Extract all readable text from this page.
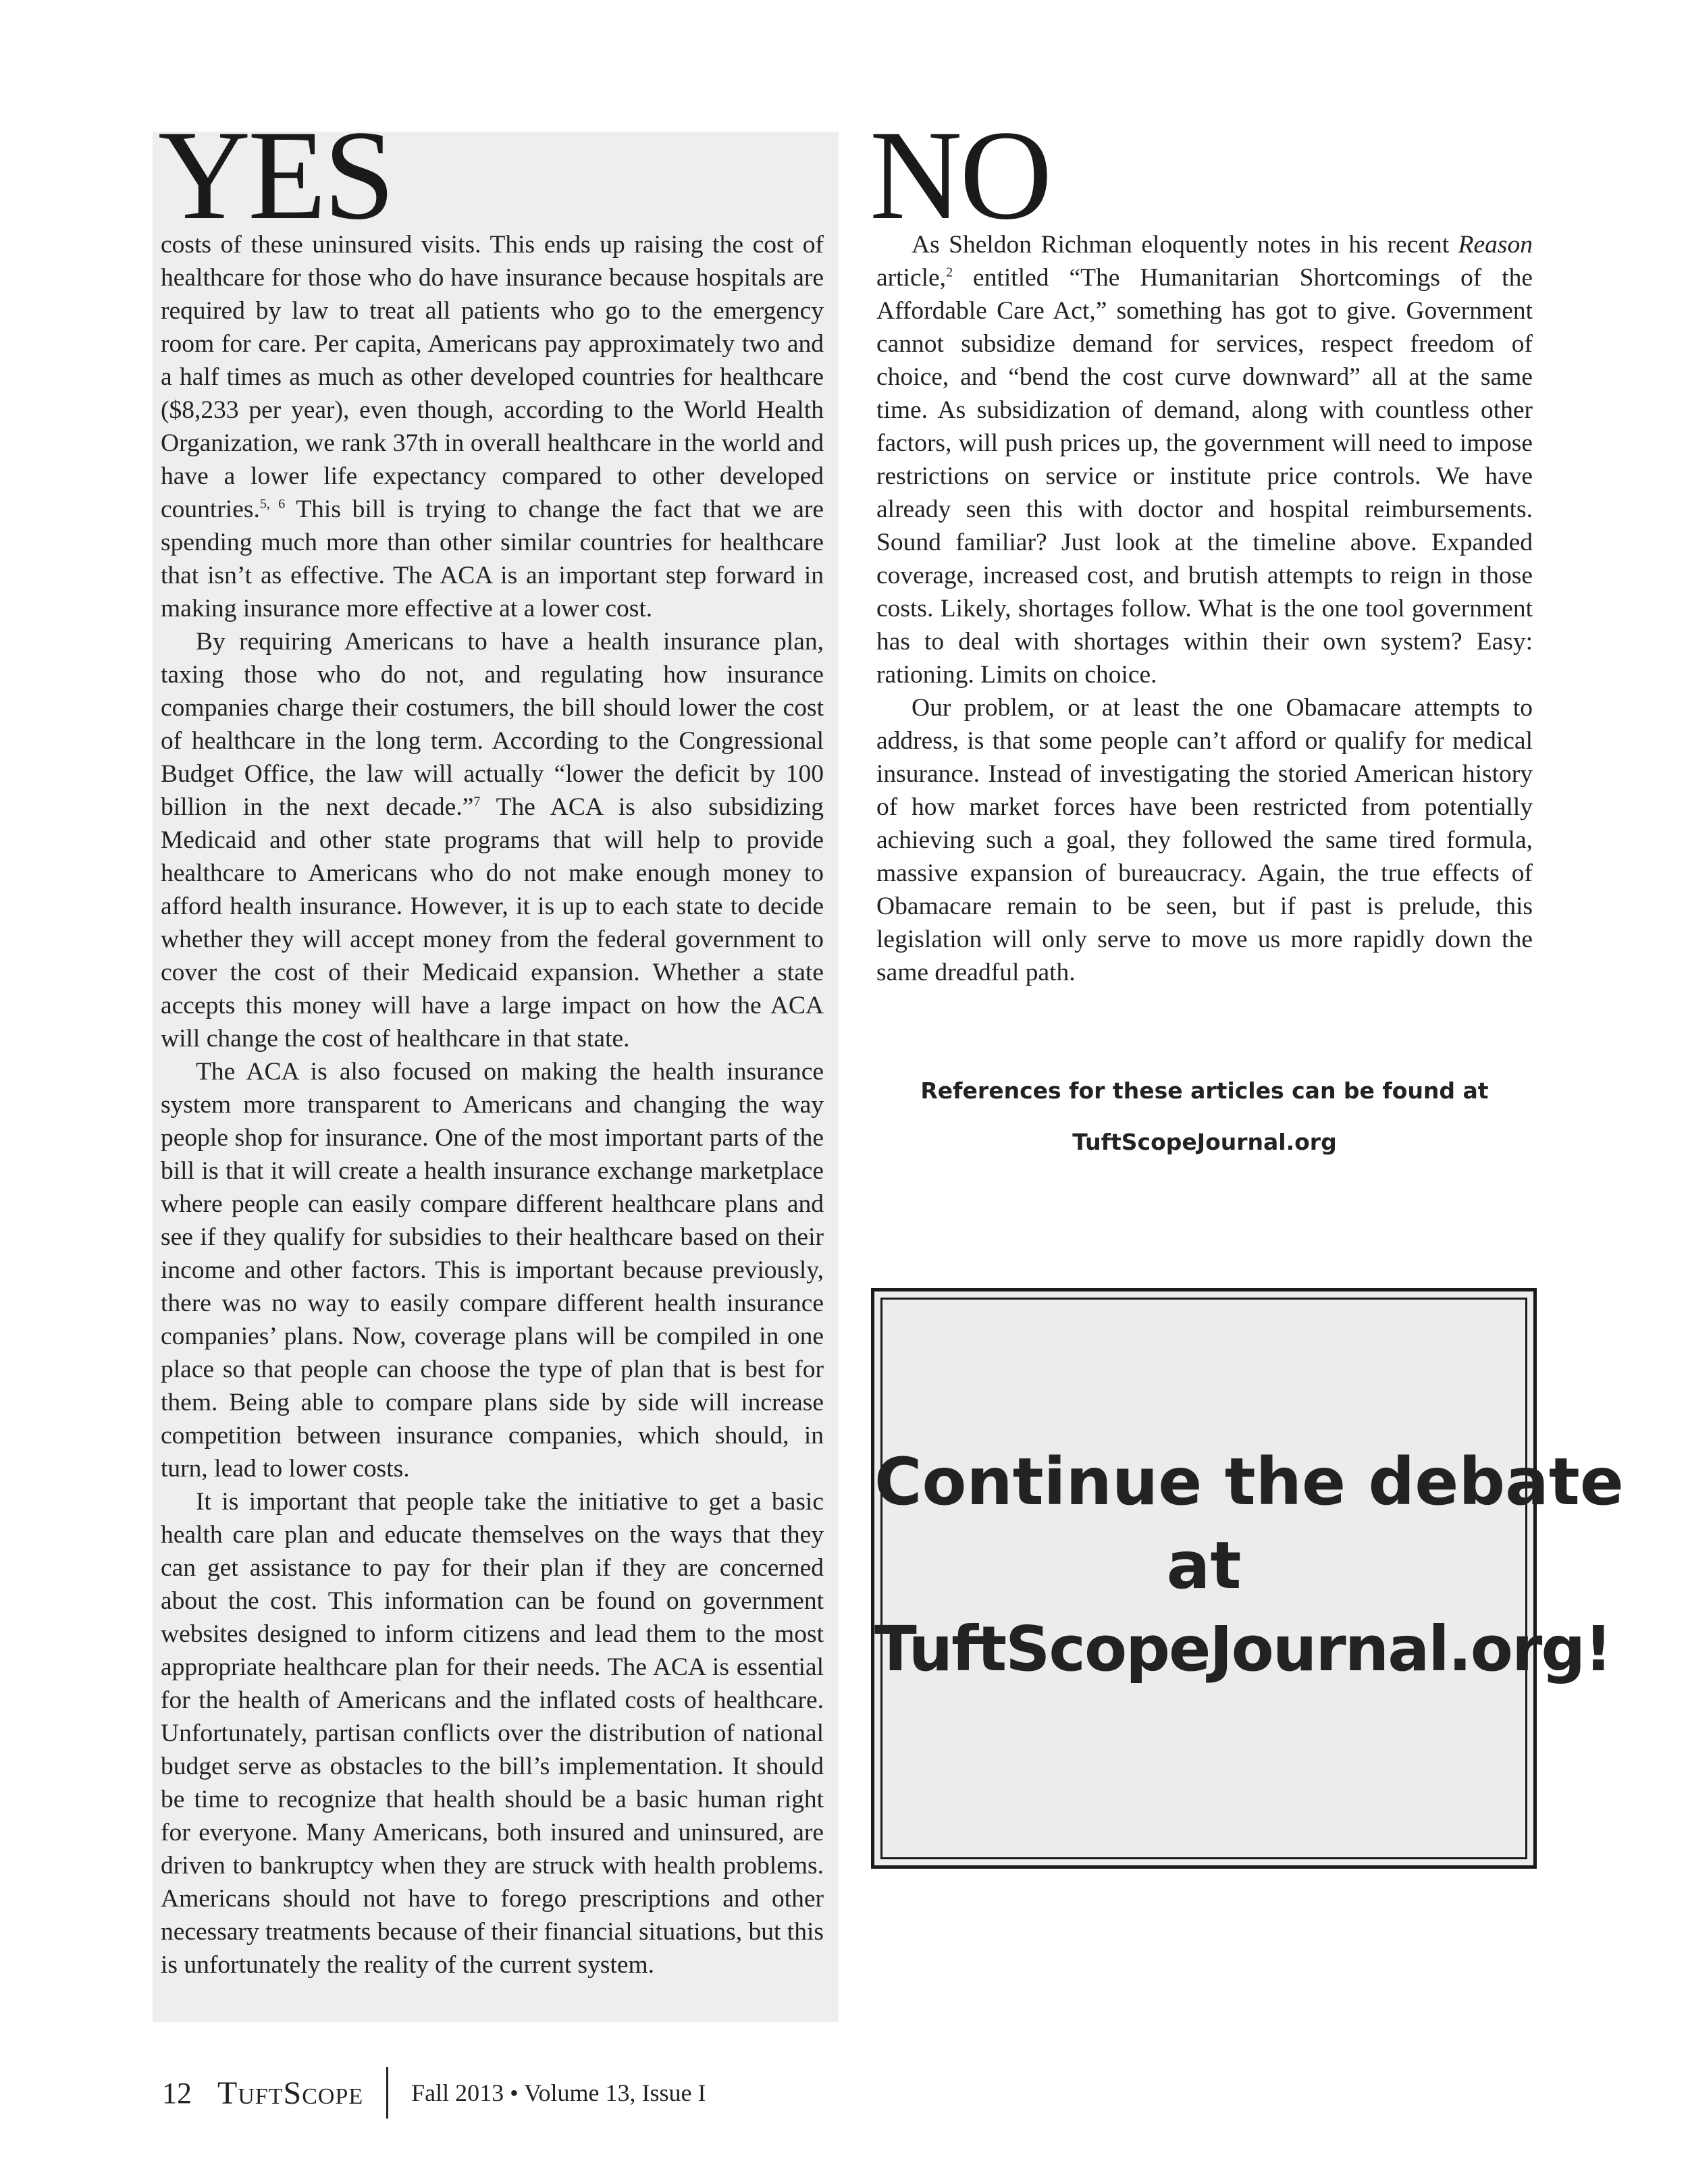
YES

costs of these uninsured visits. This ends up raising the cost of healthcare for those who do have insurance because hospitals are required by law to treat all patients who go to the emergency room for care. Per capita, Americans pay approximately two and a half times as much as other developed countries for healthcare ($8,233 per year), even though, according to the World Health Organization, we rank 37th in overall healthcare in the world and have a lower life expectancy compared to other developed countries.$^{5, 6}$ This bill is trying to change the fact that we are spending much more than other similar countries for healthcare that isn’t as effective. The ACA is an important step forward in making insurance more effective at a lower cost.

By requiring Americans to have a health insurance plan, taxing those who do not, and regulating how insurance companies charge their costumers, the bill should lower the cost of healthcare in the long term. According to the Congressional Budget Office, the law will actually “lower the deficit by 100 billion in the next decade.”$^7$ The ACA is also subsidizing Medicaid and other state programs that will help to provide healthcare to Americans who do not make enough money to afford health insurance. However, it is up to each state to decide whether they will accept money from the federal government to cover the cost of their Medicaid expansion. Whether a state accepts this money will have a large impact on how the ACA will change the cost of healthcare in that state.

The ACA is also focused on making the health insurance system more transparent to Americans and changing the way people shop for insurance. One of the most important parts of the bill is that it will create a health insurance exchange marketplace where people can easily compare different healthcare plans and see if they qualify for subsidies to their healthcare based on their income and other factors. This is important because previously, there was no way to easily compare different health insurance companies’ plans. Now, coverage plans will be compiled in one place so that people can choose the type of plan that is best for them. Being able to compare plans side by side will increase competition between insurance companies, which should, in turn, lead to lower costs.

It is important that people take the initiative to get a basic health care plan and educate themselves on the ways that they can get assistance to pay for their plan if they are concerned about the cost. This information can be found on government websites designed to inform citizens and lead them to the most appropriate healthcare plan for their needs. The ACA is essential for the health of Americans and the inflated costs of healthcare. Unfortunately, partisan conflicts over the distribution of national budget serve as obstacles to the bill’s implementation. It should be time to recognize that health should be a basic human right for everyone. Many Americans, both insured and uninsured, are driven to bankruptcy when they are struck with health problems. Americans should not have to forego prescriptions and other necessary treatments because of their financial situations, but this is unfortunately the reality of the current system.

NO

As Sheldon Richman eloquently notes in his recent Reason article,$^2$ entitled “The Humanitarian Shortcomings of the Affordable Care Act,” something has got to give. Government cannot subsidize demand for services, respect freedom of choice, and “bend the cost curve downward” all at the same time. As subsidization of demand, along with countless other factors, will push prices up, the government will need to impose restrictions on service or institute price controls. We have already seen this with doctor and hospital reimbursements. Sound familiar? Just look at the timeline above. Expanded coverage, increased cost, and brutish attempts to reign in those costs. Likely, shortages follow. What is the one tool government has to deal with shortages within their own system? Easy: rationing. Limits on choice.

Our problem, or at least the one Obamacare attempts to address, is that some people can’t afford or qualify for medical insurance. Instead of investigating the storied American history of how market forces have been restricted from potentially achieving such a goal, they followed the same tired formula, massive expansion of bureaucracy. Again, the true effects of Obamacare remain to be seen, but if past is prelude, this legislation will only serve to move us more rapidly down the same dreadful path.

References for these articles can be found at
TuftScopeJournal.org
Continue the debate
at
TuftScopeJournal.org!
12 TuftScope Fall 2013 • Volume 13, Issue I
